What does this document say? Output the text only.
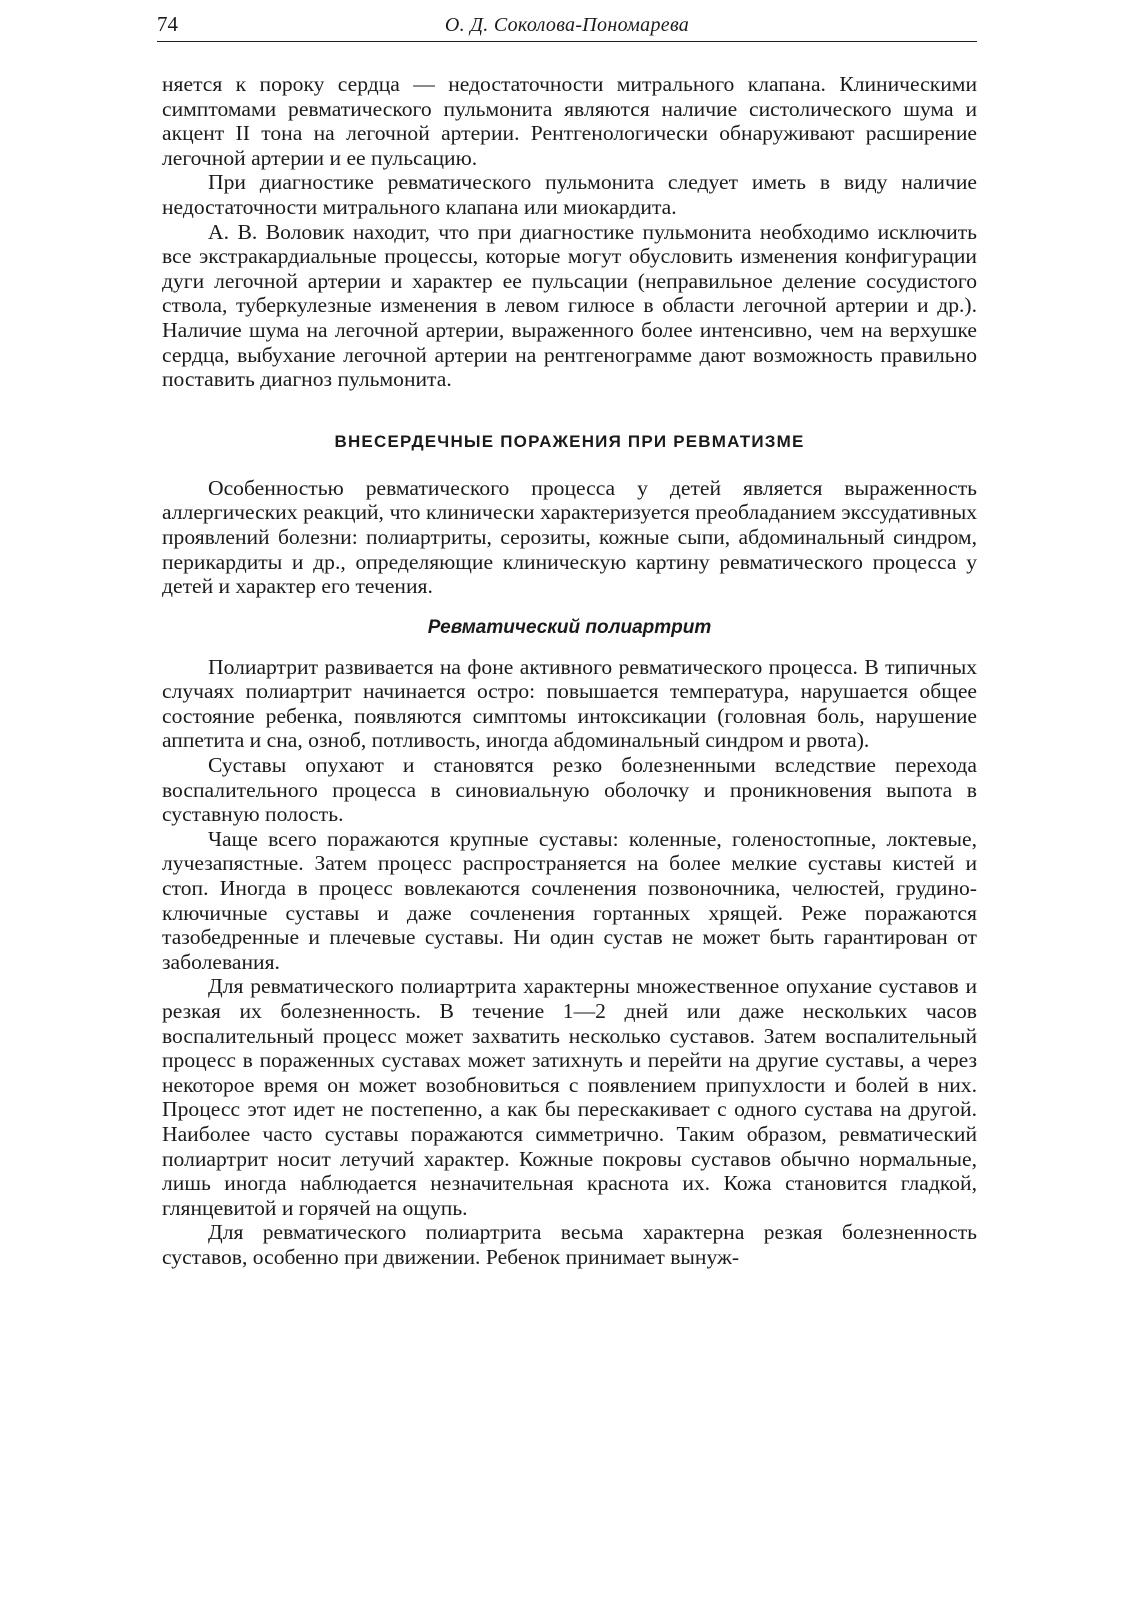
74	О. Д. Соколова-Пономарева

няется к пороку сердца — недостаточности митрального клапана. Клиническими симптомами ревматического пульмонита являются наличие систолического шума и акцент II тона на легочной артерии. Рентгенологически обнаруживают расширение легочной артерии и ее пульсацию.

При диагностике ревматического пульмонита следует иметь в виду наличие недостаточности митрального клапана или миокардита.

А. В. Воловик находит, что при диагностике пульмонита необходимо исключить все экстракардиальные процессы, которые могут обусловить изменения конфигурации дуги легочной артерии и характер ее пульсации (неправильное деление сосудистого ствола, туберкулезные изменения в левом гилюсе в области легочной артерии и др.). Наличие шума на легочной артерии, выраженного более интенсивно, чем на верхушке сердца, выбухание легочной артерии на рентгенограмме дают возможность правильно поставить диагноз пульмонита.

ВНЕСЕРДЕЧНЫЕ ПОРАЖЕНИЯ ПРИ РЕВМАТИЗМЕ

Особенностью ревматического процесса у детей является выраженность аллергических реакций, что клинически характеризуется преобладанием экссудативных проявлений болезни: полиартриты, серозиты, кожные сыпи, абдоминальный синдром, перикардиты и др., определяющие клиническую картину ревматического процесса у детей и характер его течения.

Ревматический полиартрит

Полиартрит развивается на фоне активного ревматического процесса. В типичных случаях полиартрит начинается остро: повышается температура, нарушается общее состояние ребенка, появляются симптомы интоксикации (головная боль, нарушение аппетита и сна, озноб, потливость, иногда абдоминальный синдром и рвота).

Суставы опухают и становятся резко болезненными вследствие перехода воспалительного процесса в синовиальную оболочку и проникновения выпота в суставную полость.

Чаще всего поражаются крупные суставы: коленные, голеностопные, локтевые, лучезапястные. Затем процесс распространяется на более мелкие суставы кистей и стоп. Иногда в процесс вовлекаются сочленения позвоночника, челюстей, грудино-ключичные суставы и даже сочленения гортанных хрящей. Реже поражаются тазобедренные и плечевые суставы. Ни один сустав не может быть гарантирован от заболевания.

Для ревматического полиартрита характерны множественное опухание суставов и резкая их болезненность. В течение 1—2 дней или даже нескольких часов воспалительный процесс может захватить несколько суставов. Затем воспалительный процесс в пораженных суставах может затихнуть и перейти на другие суставы, а через некоторое время он может возобновиться с появлением припухлости и болей в них. Процесс этот идет не постепенно, а как бы перескакивает с одного сустава на другой. Наиболее часто суставы поражаются симметрично. Таким образом, ревматический полиартрит носит летучий характер. Кожные покровы суставов обычно нормальные, лишь иногда наблюдается незначительная краснота их. Кожа становится гладкой, глянцевитой и горячей на ощупь.

Для ревматического полиартрита весьма характерна резкая болезненность суставов, особенно при движении. Ребенок принимает вынуж-
